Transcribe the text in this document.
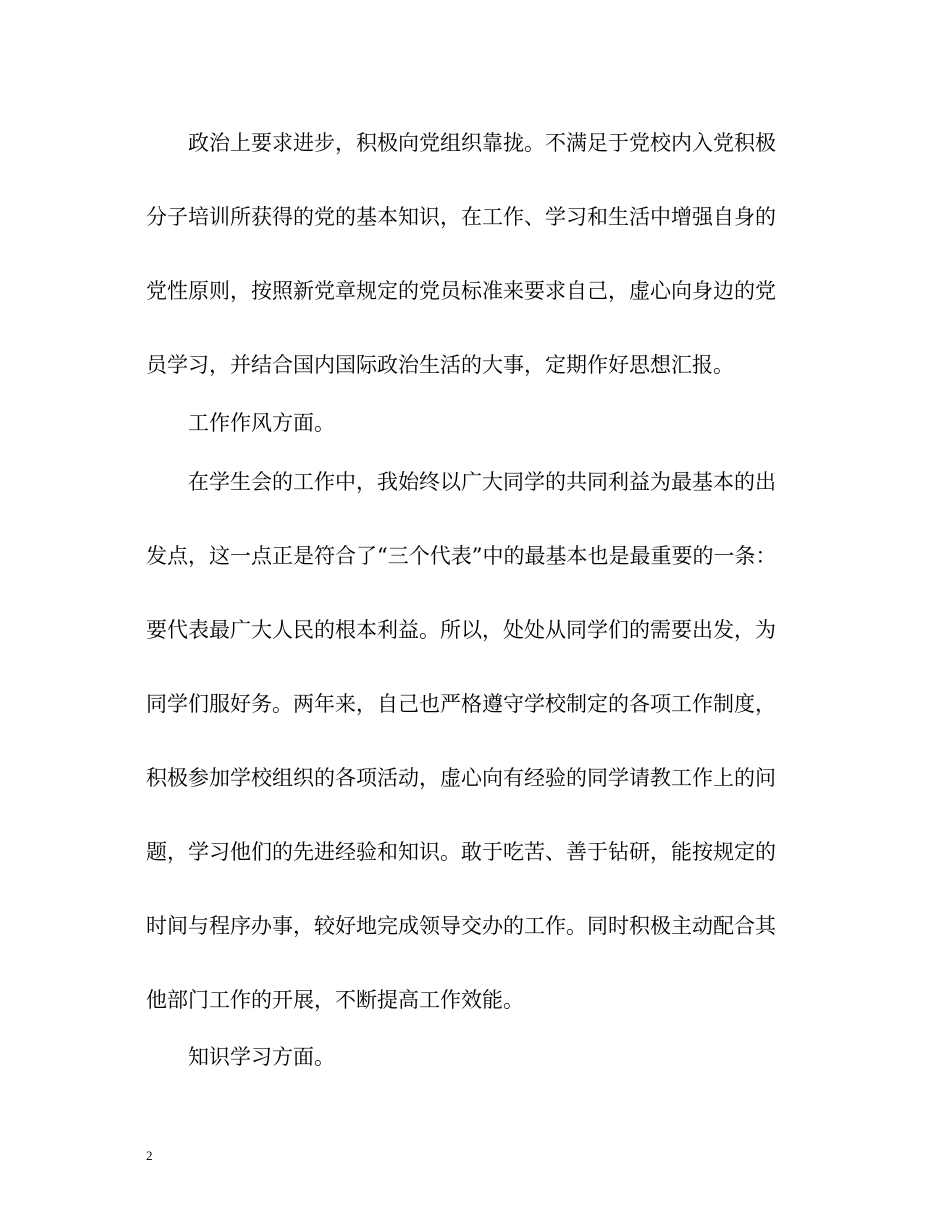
　　政治上要求进步，积极向党组织靠拢。不满足于党校内入党积极
分子培训所获得的党的基本知识，在工作、学习和生活中增强自身的
党性原则，按照新党章规定的党员标准来要求自己，虚心向身边的党
员学习，并结合国内国际政治生活的大事，定期作好思想汇报。
　　工作作风方面。
　　在学生会的工作中，我始终以广大同学的共同利益为最基本的出
发点，这一点正是符合了“三个代表”中的最基本也是最重要的一条：
要代表最广大人民的根本利益。所以，处处从同学们的需要出发，为
同学们服好务。两年来，自己也严格遵守学校制定的各项工作制度，
积极参加学校组织的各项活动，虚心向有经验的同学请教工作上的问
题，学习他们的先进经验和知识。敢于吃苦、善于钻研，能按规定的
时间与程序办事，较好地完成领导交办的工作。同时积极主动配合其
他部门工作的开展，不断提高工作效能。
　　知识学习方面。
2
